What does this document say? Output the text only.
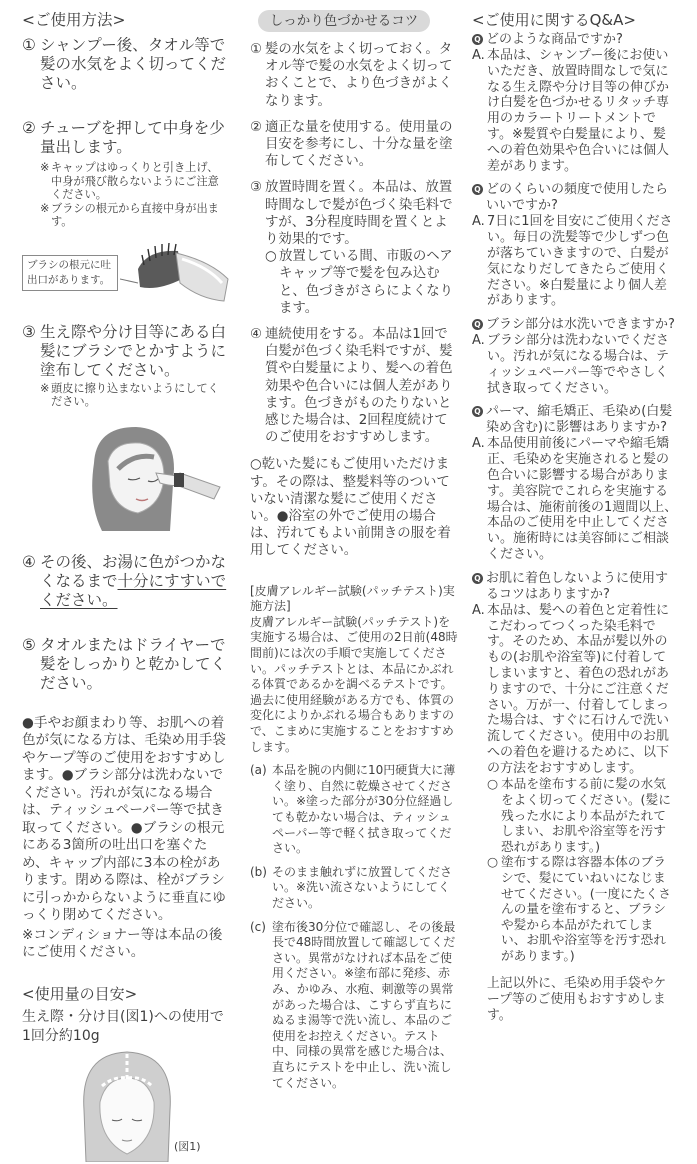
<ご使用方法>
① シャンプー後、タオル等で髪の水気をよく切ってください。
② チューブを押して中身を少量出します。
※ キャップはゆっくりと引き上げ、中身が飛び散らないようにご注意ください。
※ ブラシの根元から直接中身が出ます。
ブラシの根元に吐出口があります。
③ 生え際や分け目等にある白髪にブラシでとかすように塗布してください。
※ 頭皮に擦り込まないようにしてください。
④ その後、お湯に色がつかなくなるまで十分にすすいでください。
⑤ タオルまたはドライヤーで髪をしっかりと乾かしてください。
●手やお顔まわり等、お肌への着色が気になる方は、毛染め用手袋やケープ等のご使用をおすすめします。●ブラシ部分は洗わないでください。汚れが気になる場合は、ティッシュペーパー等で拭き取ってください。●ブラシの根元にある3箇所の吐出口を塞ぐため、キャップ内部に3本の栓があります。閉める際は、栓がブラシに引っかからないように垂直にゆっくり閉めてください。
※コンディショナー等は本品の後にご使用ください。
<使用量の目安>
生え際・分け目(図1)への使用で1回分約10g
(図1)
しっかり色づかせるコツ
① 髪の水気をよく切っておく。タオル等で髪の水気をよく切っておくことで、より色づきがよくなります。
② 適正な量を使用する。使用量の目安を参考にし、十分な量を塗布してください。
③ 放置時間を置く。本品は、放置時間なしで髪が色づく染毛料ですが、3分程度時間を置くとより効果的です。
○ 放置している間、市販のヘアキャップ等で髪を包み込むと、色づきがさらによくなります。
④ 連続使用をする。本品は1回で白髪が色づく染毛料ですが、髪質や白髪量により、髪への着色効果や色合いには個人差があります。色づきがものたりないと感じた場合は、2回程度続けてのご使用をおすすめします。
○乾いた髪にもご使用いただけます。その際は、整髪料等のついていない清潔な髪にご使用ください。●浴室の外でご使用の場合は、汚れてもよい前開きの服を着用してください。
[皮膚アレルギー試験(パッチテスト)実施方法]
皮膚アレルギー試験(パッチテスト)を実施する場合は、ご使用の2日前(48時間前)には次の手順で実施してください。パッチテストとは、本品にかぶれる体質であるかを調べるテストです。過去に使用経験がある方でも、体質の変化によりかぶれる場合もありますので、こまめに実施することをおすすめします。
(a) 本品を腕の内側に10円硬貨大に薄く塗り、自然に乾燥させてください。※塗った部分が30分位経過しても乾かない場合は、ティッシュペーパー等で軽く拭き取ってください。
(b) そのまま触れずに放置してください。※洗い流さないようにしてください。
(c) 塗布後30分位で確認し、その後最長で48時間放置して確認してください。異常がなければ本品をご使用ください。※塗布部に発疹、赤み、かゆみ、水疱、刺激等の異常があった場合は、こすらず直ちにぬるま湯等で洗い流し、本品のご使用をお控えください。テスト中、同様の異常を感じた場合は、直ちにテストを中止し、洗い流してください。
<ご使用に関するQ&A>
Q どのような商品ですか?
A. 本品は、シャンプー後にお使いいただき、放置時間なしで気になる生え際や分け目等の伸びかけ白髪を色づかせるリタッチ専用のカラートリートメントです。※髪質や白髪量により、髪への着色効果や色合いには個人差があります。
Q どのくらいの頻度で使用したらいいですか?
A. 7日に1回を目安にご使用ください。毎日の洗髪等で少しずつ色が落ちていきますので、白髪が気になりだしてきたらご使用ください。※白髪量により個人差があります。
Q ブラシ部分は水洗いできますか?
A. ブラシ部分は洗わないでください。汚れが気になる場合は、ティッシュペーパー等でやさしく拭き取ってください。
Q パーマ、縮毛矯正、毛染め(白髪染め含む)に影響はありますか?
A. 本品使用前後にパーマや縮毛矯正、毛染めを実施されると髪の色合いに影響する場合があります。美容院でこれらを実施する場合は、施術前後の1週間以上、本品のご使用を中止してください。施術時には美容師にご相談ください。
Q お肌に着色しないように使用するコツはありますか?
A. 本品は、髪への着色と定着性にこだわってつくった染毛料です。そのため、本品が髪以外のもの(お肌や浴室等)に付着してしまいますと、着色の恐れがありますので、十分にご注意ください。万が一、付着してしまった場合は、すぐに石けんで洗い流してください。使用中のお肌への着色を避けるために、以下の方法をおすすめします。
○ 本品を塗布する前に髪の水気をよく切ってください。(髪に残った水により本品がたれてしまい、お肌や浴室等を汚す恐れがあります。)
○ 塗布する際は容器本体のブラシで、髪にていねいになじませてください。(一度にたくさんの量を塗布すると、ブラシや髪から本品がたれてしまい、お肌や浴室等を汚す恐れがあります。)
上記以外に、毛染め用手袋やケープ等のご使用もおすすめします。
